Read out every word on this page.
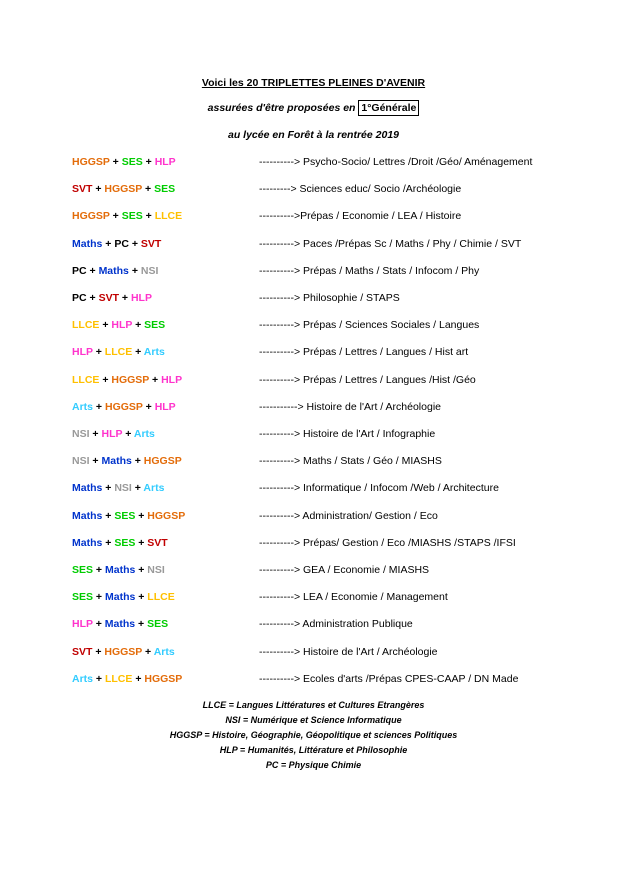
Voici les 20 TRIPLETTES PLEINES D'AVENIR
assurées d'être proposées en 1°Générale
au lycée en Forêt à la rentrée 2019
HGGSP + SES + HLP	----------> Psycho-Socio/ Lettres /Droit /Géo/ Aménagement
SVT + HGGSP + SES	---------> Sciences educ/ Socio /Archéologie
HGGSP + SES + LLCE	---------->Prépas / Economie / LEA / Histoire
Maths + PC + SVT	----------> Paces /Prépas Sc / Maths / Phy / Chimie / SVT
PC + Maths + NSI	----------> Prépas / Maths / Stats / Infocom / Phy
PC + SVT + HLP	----------> Philosophie / STAPS
LLCE + HLP + SES	----------> Prépas / Sciences Sociales / Langues
HLP + LLCE + Arts	----------> Prépas / Lettres / Langues / Hist art
LLCE + HGGSP + HLP	----------> Prépas / Lettres / Langues /Hist /Géo
Arts + HGGSP + HLP	-----------> Histoire de l'Art / Archéologie
NSI + HLP + Arts	----------> Histoire de l'Art / Infographie
NSI + Maths + HGGSP	----------> Maths / Stats / Géo / MIASHS
Maths + NSI + Arts	----------> Informatique / Infocom /Web / Architecture
Maths + SES + HGGSP	----------> Administration/ Gestion / Eco
Maths + SES + SVT	----------> Prépas/ Gestion / Eco /MIASHS /STAPS /IFSI
SES + Maths + NSI	----------> GEA / Economie / MIASHS
SES + Maths + LLCE	----------> LEA / Economie / Management
HLP + Maths + SES	----------> Administration Publique
SVT + HGGSP + Arts	----------> Histoire de l'Art / Archéologie
Arts + LLCE + HGGSP	----------> Ecoles d'arts /Prépas CPES-CAAP / DN Made
LLCE = Langues Littératures et Cultures Etrangères
NSI = Numérique et Science Informatique
HGGSP = Histoire, Géographie, Géopolitique et sciences Politiques
HLP = Humanités, Littérature et Philosophie
PC = Physique Chimie
